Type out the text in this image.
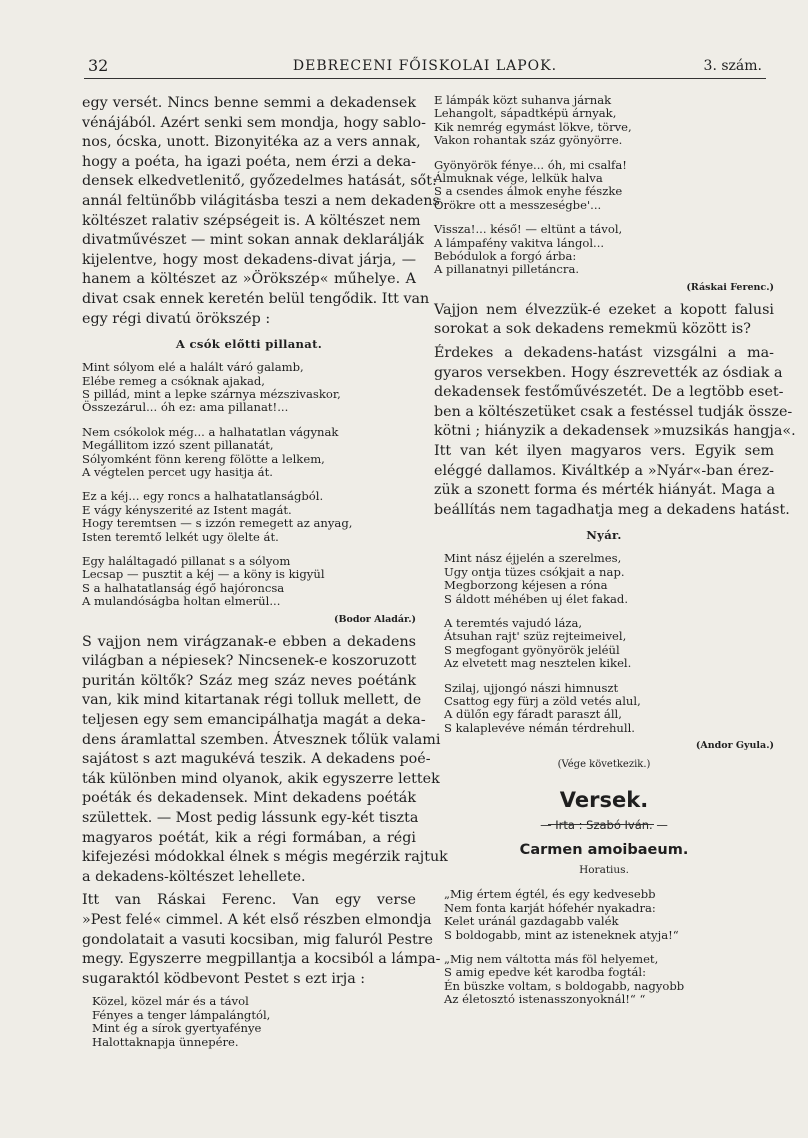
32	DEBRECENI FŐISKOLAI LAPOK.	3. szám.
egy versét. Nincs benne semmi a dekadensek
vénájából. Azért senki sem mondja, hogy sablo-
nos, ócska, unott. Bizonyitéka az a vers annak,
hogy a poéta, ha igazi poéta, nem érzi a deka-
densek elkedvetlenitő, győzedelmes hatását, sőt:
annál feltünőbb világitásba teszi a nem dekadens
költészet ralativ szépségeit is. A költészet nem
divatművészet — mint sokan annak deklarálják
kijelentve, hogy most dekadens-divat járja, —
hanem a költészet az »Örökszép« műhelye. A
divat csak ennek keretén belül tengődik. Itt van
egy régi divatú örökszép :
A csók előtti pillanat.
Mint sólyom elé a halált váró galamb,
Elébe remeg a csóknak ajakad,
S pillád, mint a lepke szárnya mézszivaskor,
Összezárul... óh ez: ama pillanat!...
Nem csókolok még... a halhatatlan vágynak
Megállitom izzó szent pillanatát,
Sólyomként fönn kereng fölötte a lelkem,
A végtelen percet ugy hasitja át.
Ez a kéj... egy roncs a halhatatlanságból.
E vágy kényszerité az Istent magát.
Hogy teremtsen — s izzón remegett az anyag,
Isten teremtő lelkét ugy ölelte át.
Egy haláltagadó pillanat s a sólyom
Lecsap — pusztit a kéj — a köny is kigyül
S a halhatatlanság égő hajóroncsa
A mulandóságba holtan elmerül...
(Bodor Aladár.)
S vajjon nem virágzanak-e ebben a dekadens
világban a népiesek? Nincsenek-e koszoruzott
puritán költők? Száz meg száz neves poétánk
van, kik mind kitartanak régi tolluk mellett, de
teljesen egy sem emancipálhatja magát a deka-
dens áramlattal szemben. Átvesznek tőlük valami
sajátost s azt magukévá teszik. A dekadens poé-
ták különben mind olyanok, akik egyszerre lettek
poéták és dekadensek. Mint dekadens poéták
születtek. — Most pedig lássunk egy-két tiszta
magyaros poétát, kik a régi formában, a régi
kifejezési módokkal élnek s mégis megérzik rajtuk
a dekadens-költészet lehellete.
Itt van Ráskai Ferenc. Van egy verse
»Pest felé« cimmel. A két első részben elmondja
gondolatait a vasuti kocsiban, mig faluról Pestre
megy. Egyszerre megpillantja a kocsiból a lámpa-
sugaraktól ködbevont Pestet s ezt irja :
Közel, közel már és a távol
Fényes a tenger lámpalángtól,
Mint ég a sírok gyertyafénye
Halottaknapja ünnepére.
E lámpák közt suhanva járnak
Lehangolt, sápadtképü árnyak,
Kik nemrég egymást lökve, törve,
Vakon rohantak száz gyönyörre.
Gyönyörök fénye... óh, mi csalfa!
Álmuknak vége, lelkük halva
S a csendes álmok enyhe fészke
Örökre ott a messzeségbe'...
Vissza!... késő! — eltünt a távol,
A lámpafény vakitva lángol...
Bebódulok a forgó árba:
A pillanatnyi pilletáncra.
(Ráskai Ferenc.)
Vajjon nem élvezzük-é ezeket a kopott falusi
sorokat a sok dekadens remekmü között is?
Érdekes a dekadens-hatást vizsgálni a ma-
gyaros versekben. Hogy észrevették az ósdiak a
dekadensek festőművészetét. De a legtöbb eset-
ben a költészetüket csak a festéssel tudják össze-
kötni ; hiányzik a dekadensek »muzsikás hangja«.
Itt van két ilyen magyaros vers. Egyik sem
eléggé dallamos. Kiváltkép a »Nyár«-ban érez-
zük a szonett forma és mérték hiányát. Maga a
beállítás nem tagadhatja meg a dekadens hatást.
Nyár.
Mint nász éjjelén a szerelmes,
Ugy ontja tüzes csókjait a nap.
Megborzong kéjesen a róna
S áldott méhében uj élet fakad.
A teremtés vajudó láza,
Átsuhan rajt' szüz rejteimeivel,
S megfogant gyönyörök jeléül
Az elvetett mag nesztelen kikel.
Szilaj, ujjongó nászi himnuszt
Csattog egy fürj a zöld vetés alul,
A dülőn egy fáradt paraszt áll,
S kalaplevéve némán térdrehull.
(Andor Gyula.)
(Vége következik.)
Versek.
— Irta : Szabó Iván. —
Carmen amoibaeum.
Horatius.
„Mig értem égtél, és egy kedvesebb
Nem fonta karját hófehér nyakadra:
Kelet uránál gazdagabb valék
S boldogabb, mint az isteneknek atyja!“
„Mig nem váltotta más föl helyemet,
S amig epedve két karodba fogtál:
Én büszke voltam, s boldogabb, nagyobb
Az életosztó istenasszonyoknál!“ “
